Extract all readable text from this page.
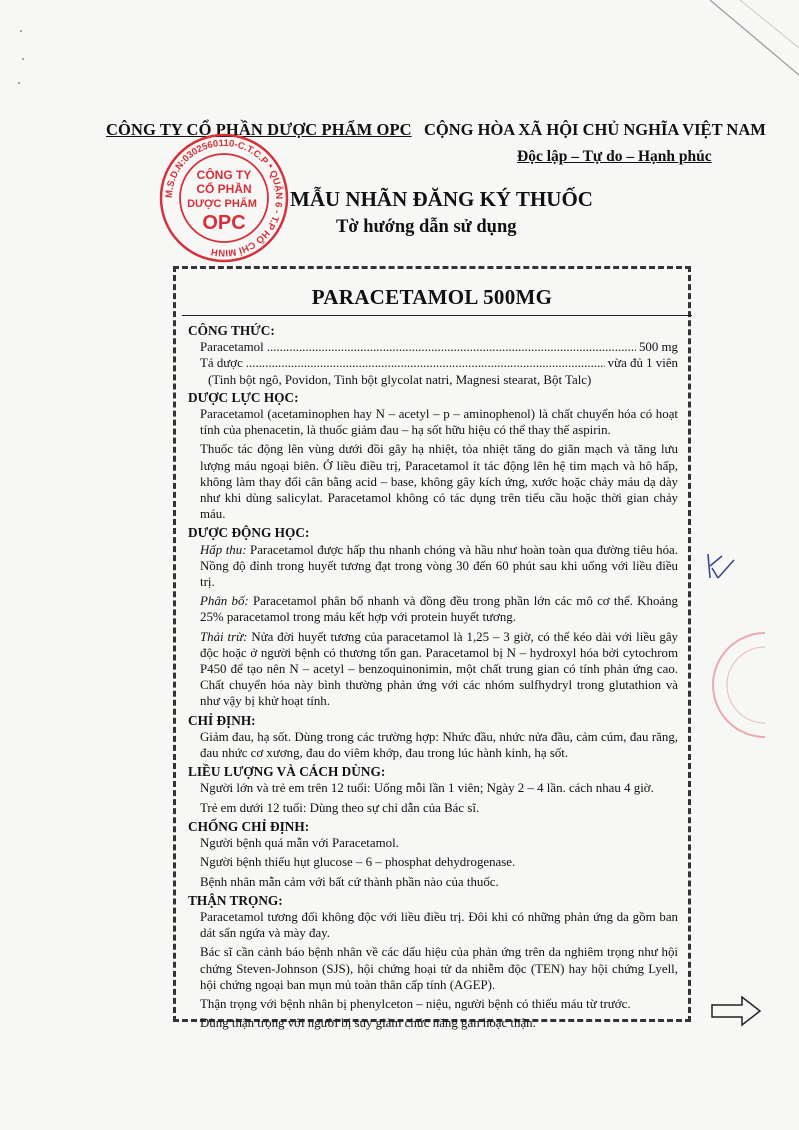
CÔNG TY CỔ PHẦN DƯỢC PHẨM OPC CỘNG HÒA XÃ HỘI CHỦ NGHĨA VIỆT NAM
Độc lập – Tự do – Hạnh phúc
MẪU NHÃN ĐĂNG KÝ THUỐC
Tờ hướng dẫn sử dụng
M.S.D.N:0302560110-C.T.C.P * QUẬN 6 - T.P HỒ CHÍ MINH
CÔNG TY
CỔ PHẦN
DƯỢC PHẨM
OPC
PARACETAMOL 500MG
CÔNG THỨC:
Paracetamol .....	500 mg
Tá dược .....	vừa đủ 1 viên
(Tinh bột ngô, Povidon, Tinh bột glycolat natri, Magnesi stearat, Bột Talc)
DƯỢC LỰC HỌC:
Paracetamol (acetaminophen hay N – acetyl – p – aminophenol) là chất chuyển hóa có hoạt tính của phenacetin, là thuốc giảm đau – hạ sốt hữu hiệu có thể thay thế aspirin.
Thuốc tác động lên vùng dưới đồi gây hạ nhiệt, tỏa nhiệt tăng do giãn mạch và tăng lưu lượng máu ngoại biên. Ở liều điều trị, Paracetamol ít tác động lên hệ tim mạch và hô hấp, không làm thay đổi cân bằng acid – base, không gây kích ứng, xước hoặc chảy máu dạ dày như khi dùng salicylat. Paracetamol không có tác dụng trên tiểu cầu hoặc thời gian chảy máu.
DƯỢC ĐỘNG HỌC:
Hấp thu: Paracetamol được hấp thu nhanh chóng và hầu như hoàn toàn qua đường tiêu hóa. Nồng độ đỉnh trong huyết tương đạt trong vòng 30 đến 60 phút sau khi uống với liều điều trị.
Phân bố: Paracetamol phân bố nhanh và đồng đều trong phần lớn các mô cơ thể. Khoảng 25% paracetamol trong máu kết hợp với protein huyết tương.
Thải trừ: Nửa đời huyết tương của paracetamol là 1,25 – 3 giờ, có thể kéo dài với liều gây độc hoặc ở người bệnh có thương tổn gan. Paracetamol bị N – hydroxyl hóa bởi cytochrom P450 để tạo nên N – acetyl – benzoquinonimin, một chất trung gian có tính phản ứng cao. Chất chuyển hóa này bình thường phản ứng với các nhóm sulfhydryl trong glutathion và như vậy bị khử hoạt tính.
CHỈ ĐỊNH:
Giảm đau, hạ sốt. Dùng trong các trường hợp: Nhức đầu, nhức nửa đầu, cảm cúm, đau răng, đau nhức cơ xương, đau do viêm khớp, đau trong lúc hành kinh, hạ sốt.
LIỀU LƯỢNG VÀ CÁCH DÙNG:
Người lớn và trẻ em trên 12 tuổi: Uống mỗi lần 1 viên; Ngày 2 – 4 lần. cách nhau 4 giờ.
Trẻ em dưới 12 tuổi: Dùng theo sự chỉ dẫn của Bác sĩ.
CHỐNG CHỈ ĐỊNH:
Người bệnh quá mẫn với Paracetamol.
Người bệnh thiếu hụt glucose – 6 – phosphat dehydrogenase.
Bệnh nhân mẫn cảm với bất cứ thành phần nào của thuốc.
THẬN TRỌNG:
Paracetamol tương đối không độc với liều điều trị. Đôi khi có những phản ứng da gồm ban dát sẩn ngứa và mày đay.
Bác sĩ cần cảnh báo bệnh nhân về các dấu hiệu của phản ứng trên da nghiêm trọng như hội chứng Steven-Johnson (SJS), hội chứng hoại tử da nhiễm độc (TEN) hay hội chứng Lyell, hội chứng ngoại ban mụn mủ toàn thân cấp tính (AGEP).
Thận trọng với bệnh nhân bị phenylceton – niệu, người bệnh có thiếu máu từ trước.
Dùng thận trọng với người bị suy giảm chức năng gan hoặc thận.
